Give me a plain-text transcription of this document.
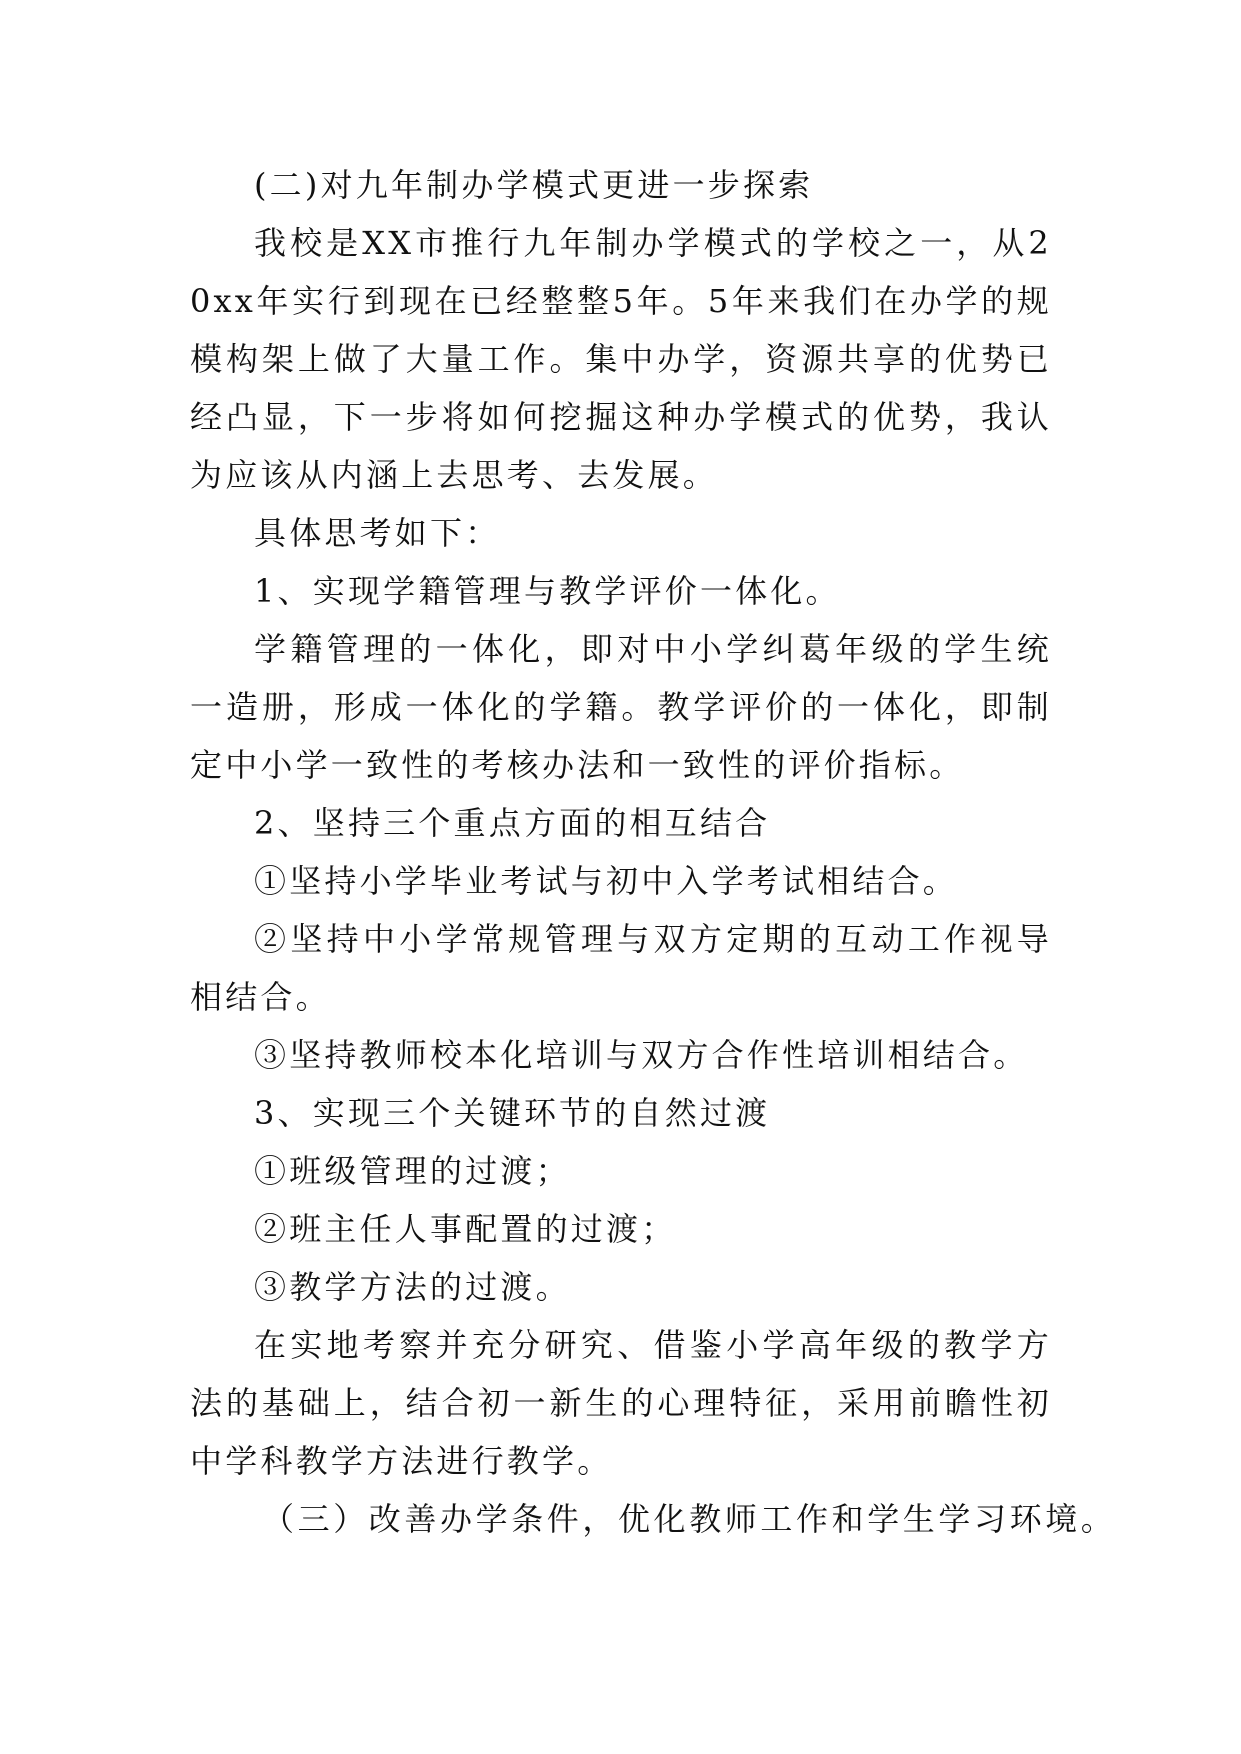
(二)对九年制办学模式更进一步探索

我校是XX市推行九年制办学模式的学校之一，从20xx年实行到现在已经整整5年。5年来我们在办学的规模构架上做了大量工作。集中办学，资源共享的优势已经凸显，下一步将如何挖掘这种办学模式的优势，我认为应该从内涵上去思考、去发展。

具体思考如下：

1、实现学籍管理与教学评价一体化。

学籍管理的一体化，即对中小学纠葛年级的学生统一造册，形成一体化的学籍。教学评价的一体化，即制定中小学一致性的考核办法和一致性的评价指标。

2、坚持三个重点方面的相互结合

①坚持小学毕业考试与初中入学考试相结合。

②坚持中小学常规管理与双方定期的互动工作视导相结合。

③坚持教师校本化培训与双方合作性培训相结合。

3、实现三个关键环节的自然过渡

①班级管理的过渡；

②班主任人事配置的过渡；

③教学方法的过渡。

在实地考察并充分研究、借鉴小学高年级的教学方法的基础上，结合初一新生的心理特征，采用前瞻性初中学科教学方法进行教学。

（三）改善办学条件，优化教师工作和学生学习环境。
